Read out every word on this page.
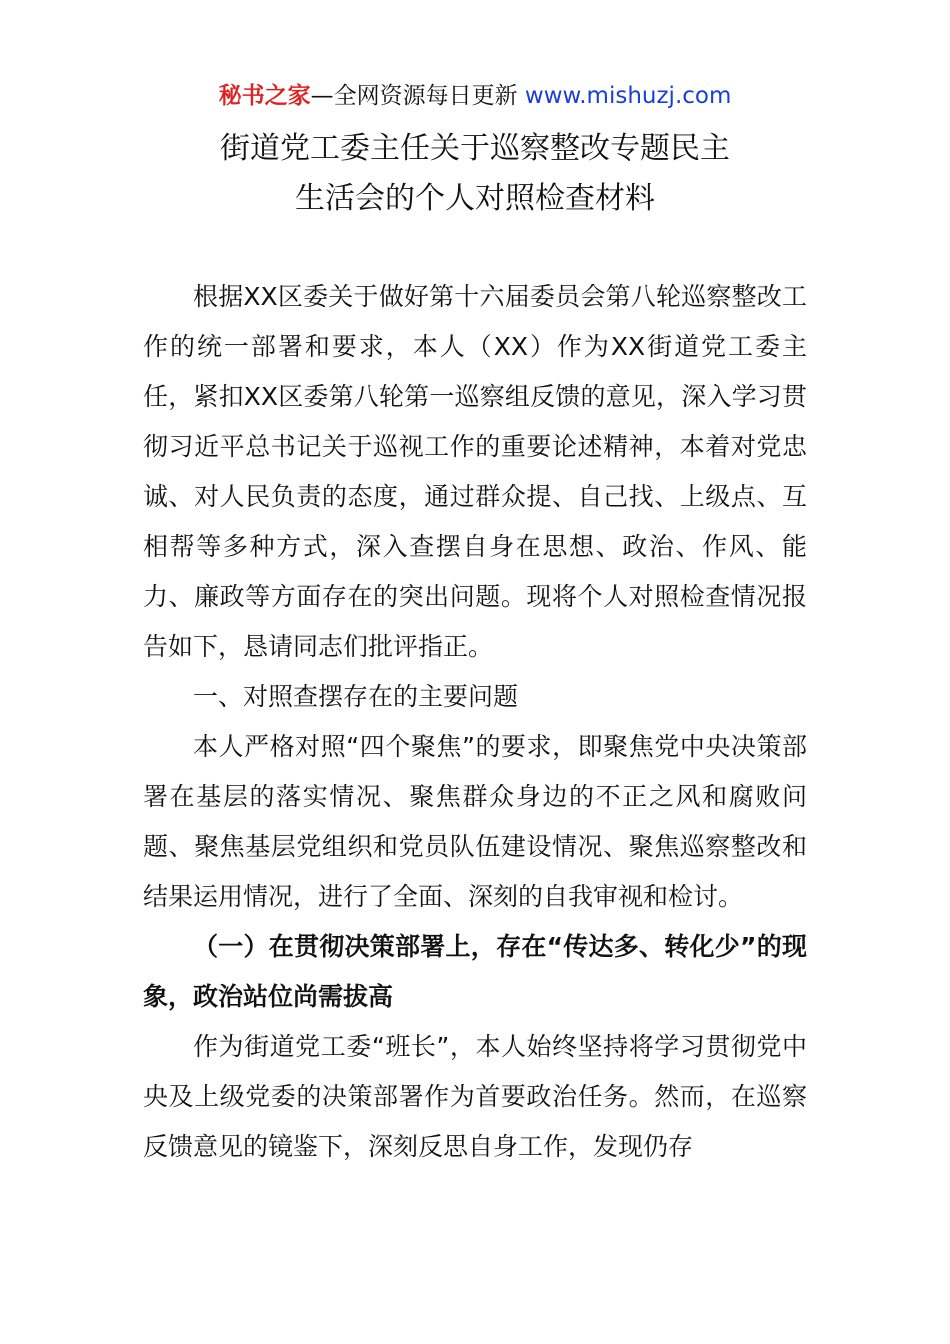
秘书之家—全网资源每日更新 www.mishuzj.com
街道党工委主任关于巡察整改专题民主
生活会的个人对照检查材料

根据XX区委关于做好第十六届委员会第八轮巡察整改工作的统一部署和要求，本人（XX）作为XX街道党工委主任，紧扣XX区委第八轮第一巡察组反馈的意见，深入学习贯彻习近平总书记关于巡视工作的重要论述精神，本着对党忠诚、对人民负责的态度，通过群众提、自己找、上级点、互相帮等多种方式，深入查摆自身在思想、政治、作风、能力、廉政等方面存在的突出问题。现将个人对照检查情况报告如下，恳请同志们批评指正。

一、对照查摆存在的主要问题

本人严格对照“四个聚焦”的要求，即聚焦党中央决策部署在基层的落实情况、聚焦群众身边的不正之风和腐败问题、聚焦基层党组织和党员队伍建设情况、聚焦巡察整改和结果运用情况，进行了全面、深刻的自我审视和检讨。

（一）在贯彻决策部署上，存在“传达多、转化少”的现象，政治站位尚需拔高

作为街道党工委“班长”，本人始终坚持将学习贯彻党中央及上级党委的决策部署作为首要政治任务。然而，在巡察反馈意见的镜鉴下，深刻反思自身工作，发现仍存
